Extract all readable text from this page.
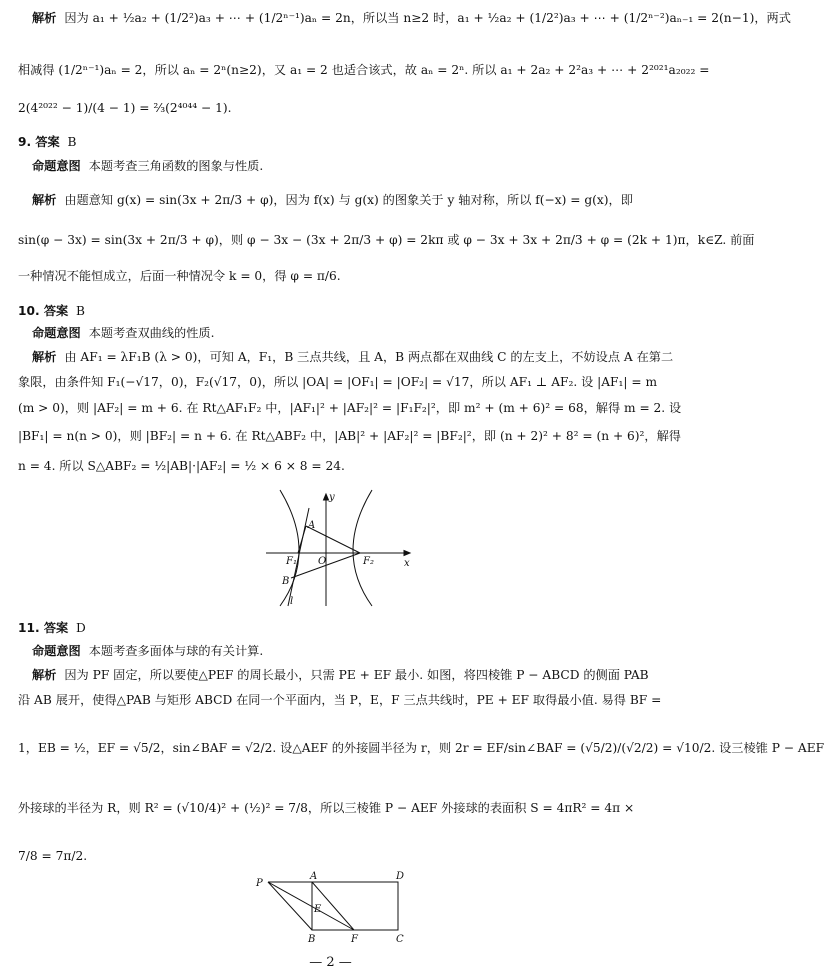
解析 因为 a₁ + ½a₂ + (1/2²)a₃ + ⋯ + (1/2ⁿ⁻¹)aₙ = 2n，所以当 n≥2 时，a₁ + ½a₂ + (1/2²)a₃ + ⋯ + (1/2ⁿ⁻²)aₙ₋₁ = 2(n−1)，两式
相减得 (1/2ⁿ⁻¹)aₙ = 2，所以 aₙ = 2ⁿ(n≥2)，又 a₁ = 2 也适合该式，故 aₙ = 2ⁿ. 所以 a₁ + 2a₂ + 2²a₃ + ⋯ + 2²⁰²¹a₂₀₂₂ =
2(4²⁰²² − 1)/(4 − 1) = ⅔(2⁴⁰⁴⁴ − 1).
9. 答案 B
命题意图 本题考查三角函数的图象与性质.
解析 由题意知 g(x) = sin(3x + 2π/3 + φ)，因为 f(x) 与 g(x) 的图象关于 y 轴对称，所以 f(−x) = g(x)，即
sin(φ − 3x) = sin(3x + 2π/3 + φ)，则 φ − 3x − (3x + 2π/3 + φ) = 2kπ 或 φ − 3x + 3x + 2π/3 + φ = (2k + 1)π，k∈Z. 前面
一种情况不能恒成立，后面一种情况令 k = 0，得 φ = π/6.
10. 答案 B
命题意图 本题考查双曲线的性质.
解析 由 AF₁ = λF₁B (λ > 0)，可知 A，F₁，B 三点共线，且 A，B 两点都在双曲线 C 的左支上，不妨设点 A 在第二
象限，由条件知 F₁(−√17，0)，F₂(√17，0)，所以 |OA| = |OF₁| = |OF₂| = √17，所以 AF₁ ⊥ AF₂. 设 |AF₁| = m
(m > 0)，则 |AF₂| = m + 6. 在 Rt△AF₁F₂ 中，|AF₁|² + |AF₂|² = |F₁F₂|²，即 m² + (m + 6)² = 68，解得 m = 2. 设
|BF₁| = n(n > 0)，则 |BF₂| = n + 6. 在 Rt△ABF₂ 中，|AB|² + |AF₂|² = |BF₂|²，即 (n + 2)² + 8² = (n + 6)²，解得
n = 4. 所以 S△ABF₂ = ½|AB|·|AF₂| = ½ × 6 × 8 = 24.
y
x
A
F₁	F₂
O
B
l
11. 答案 D
命题意图 本题考查多面体与球的有关计算.
解析 因为 PF 固定，所以要使△PEF 的周长最小，只需 PE + EF 最小. 如图，将四棱锥 P − ABCD 的侧面 PAB
沿 AB 展开，使得△PAB 与矩形 ABCD 在同一个平面内，当 P，E，F 三点共线时，PE + EF 取得最小值. 易得 BF =
1，EB = ½，EF = √5/2，sin∠BAF = √2/2. 设△AEF 的外接圆半径为 r，则 2r = EF/sin∠BAF = (√5/2)/(√2/2) = √10/2. 设三棱锥 P − AEF
外接球的半径为 R，则 R² = (√10/4)² + (½)² = 7/8，所以三棱锥 P − AEF 外接球的表面积 S = 4πR² = 4π ×
7/8 = 7π/2.
P
A	D
E
B	F	C
— 2 —
